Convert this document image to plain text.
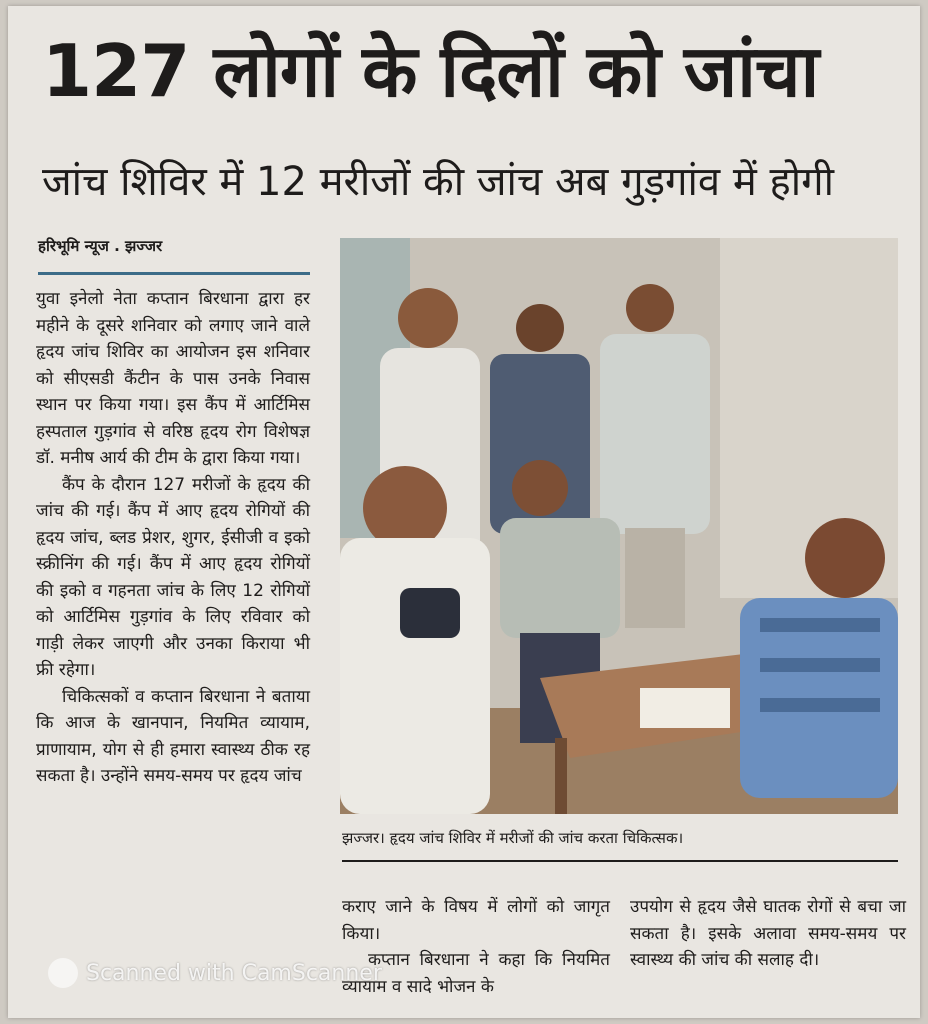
127 लोगों के दिलों को जांचा
जांच शिविर में 12 मरीजों की जांच अब गुड़गांव में होगी
हरिभूमि न्यूज . झज्जर

युवा इनेलो नेता कप्तान बिरधाना द्वारा हर महीने के दूसरे शनिवार को लगाए जाने वाले हृदय जांच शिविर का आयोजन इस शनिवार को सीएसडी कैंटीन के पास उनके निवास स्थान पर किया गया। इस कैंप में आर्टिमिस हस्पताल गुड़गांव से वरिष्ठ हृदय रोग विशेषज्ञ डॉ. मनीष आर्य की टीम के द्वारा किया गया।

कैंप के दौरान 127 मरीजों के हृदय की जांच की गई। कैंप में आए हृदय रोगियों की हृदय जांच, ब्लड प्रेशर, शुगर, ईसीजी व इको स्क्रीनिंग की गई। कैंप में आए हृदय रोगियों की इको व गहनता जांच के लिए 12 रोगियों को आर्टिमिस गुड़गांव के लिए रविवार को गाड़ी लेकर जाएगी और उनका किराया भी फ्री रहेगा।

चिकित्सकों व कप्तान बिरधाना ने बताया कि आज के खानपान, नियमित व्यायाम, प्राणायाम, योग से ही हमारा स्वास्थ्य ठीक रह सकता है। उन्होंने समय-समय पर हृदय जांच

झज्जर। हृदय जांच शिविर में मरीजों की जांच करता चिकित्सक।

कराए जाने के विषय में लोगों को जागृत किया।

कप्तान बिरधाना ने कहा कि नियमित व्यायाम व सादे भोजन के

उपयोग से हृदय जैसे घातक रोगों से बचा जा सकता है। इसके अलावा समय-समय पर स्वास्थ्य की जांच की सलाह दी।

Scanned with CamScanner
